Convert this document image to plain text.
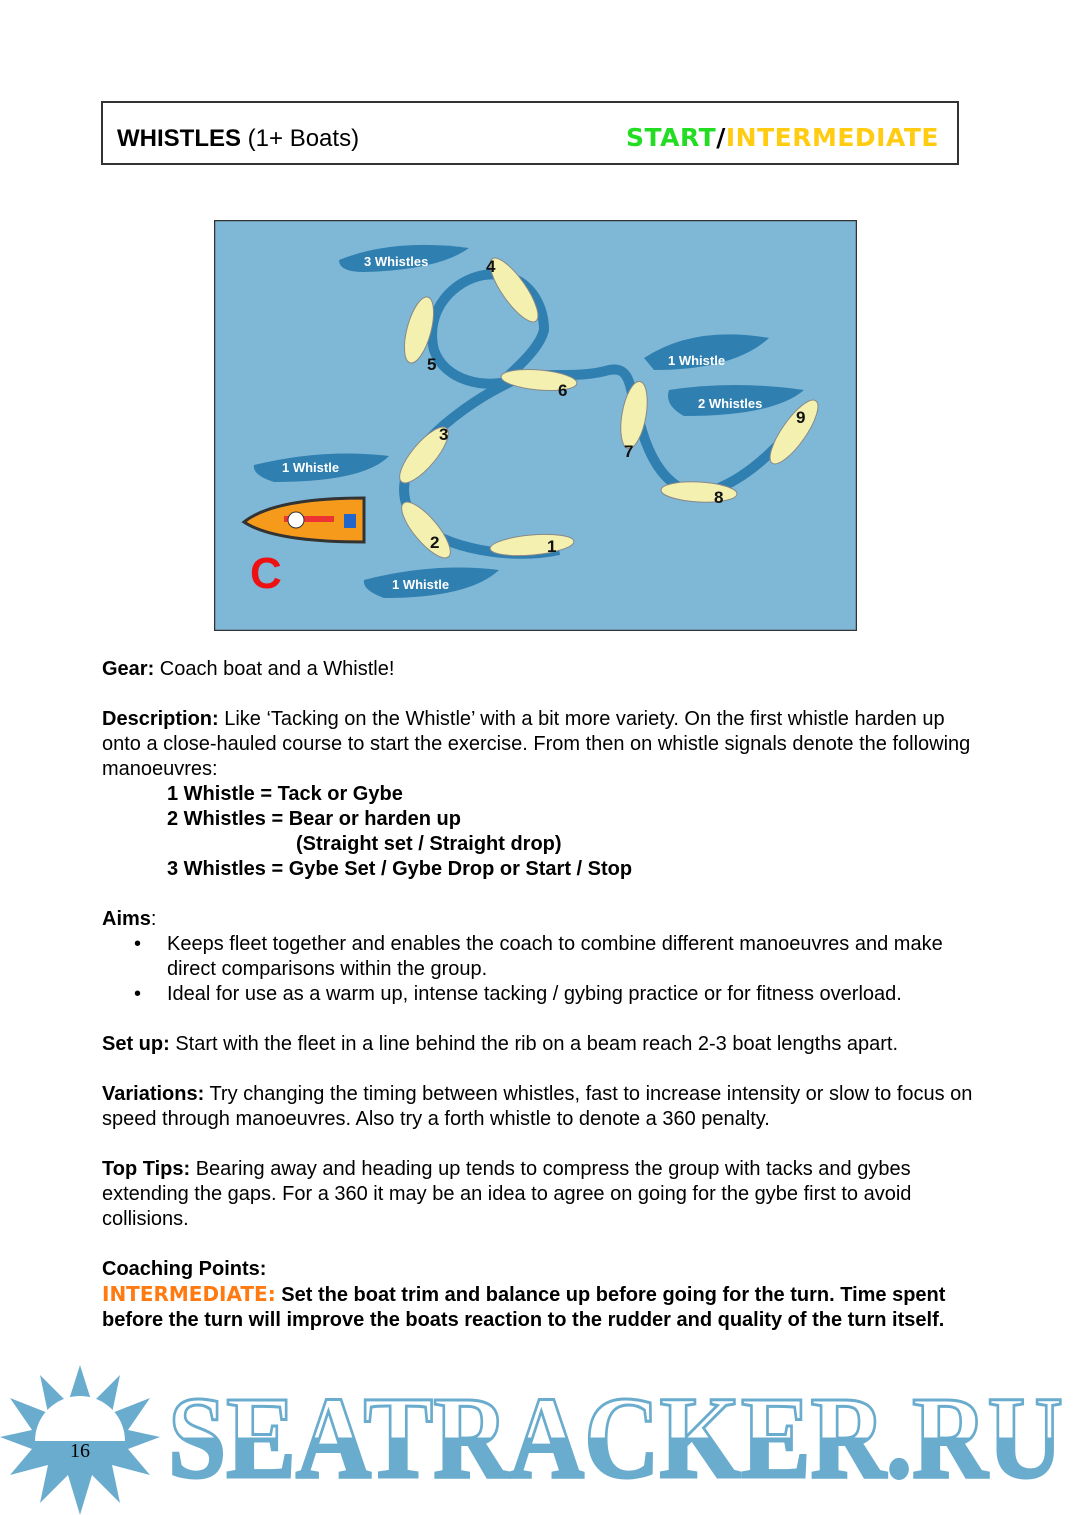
WHISTLES (1+ Boats)	START/INTERMEDIATE
3 Whistles
1 Whistle
2 Whistles
1 Whistle
1 Whistle
1
2
3
4
5
6
7
8
9
C

Gear: Coach boat and a Whistle!

Description: Like ‘Tacking on the Whistle’ with a bit more variety. On the first whistle harden up onto a close-hauled course to start the exercise. From then on whistle signals denote the following manoeuvres:
1 Whistle = Tack or Gybe
2 Whistles = Bear or harden up
(Straight set / Straight drop)
3 Whistles = Gybe Set / Gybe Drop or Start / Stop

Aims:
• Keeps fleet together and enables the coach to combine different manoeuvres and make direct comparisons within the group.
• Ideal for use as a warm up, intense tacking / gybing practice or for fitness overload.

Set up: Start with the fleet in a line behind the rib on a beam reach 2-3 boat lengths apart.

Variations: Try changing the timing between whistles, fast to increase intensity or slow to focus on speed through manoeuvres. Also try a forth whistle to denote a 360 penalty.

Top Tips: Bearing away and heading up tends to compress the group with tacks and gybes extending the gaps. For a 360 it may be an idea to agree on going for the gybe first to avoid collisions.

Coaching Points:
INTERMEDIATE: Set the boat trim and balance up before going for the turn. Time spent before the turn will improve the boats reaction to the rudder and quality of the turn itself.
SEATRACKER.RU
16
